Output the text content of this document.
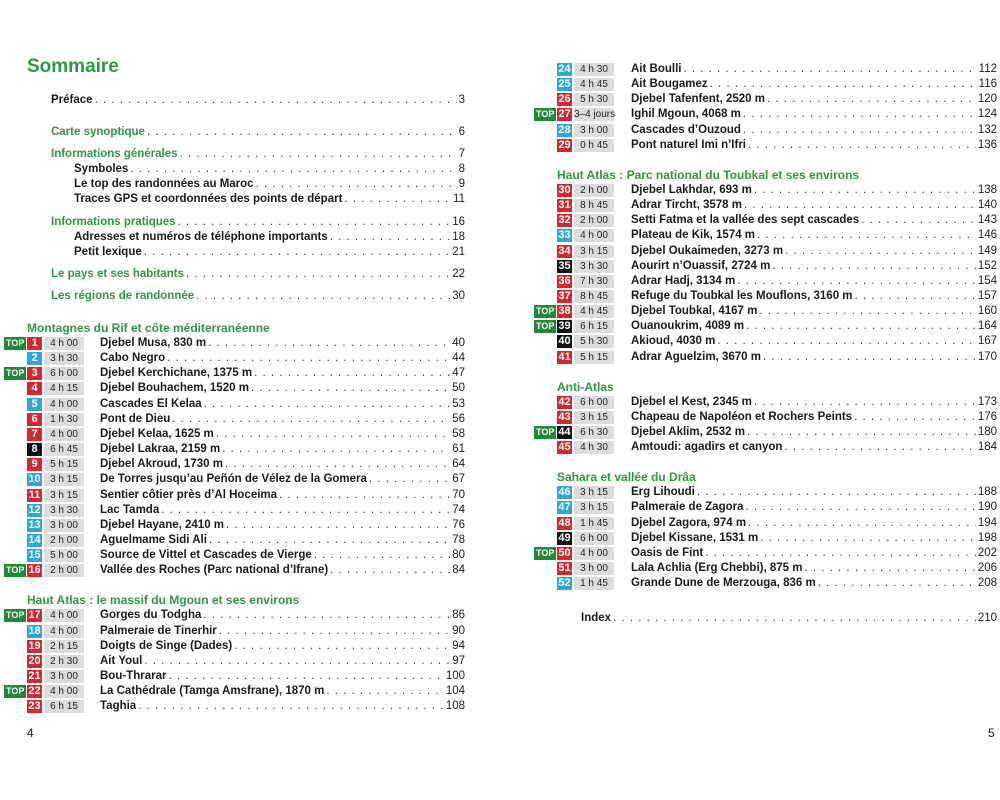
Sommaire
Préface . . .	3
Carte synoptique . . .	6
Informations générales . . .	7
Symboles . . .	8
Le top des randonnées au Maroc . . .	9
Traces GPS et coordonnées des points de départ . . .	11
Informations pratiques . . .	16
Adresses et numéros de téléphone importants . . .	18
Petit lexique . . .	21
Le pays et ses habitants . . .	22
Les régions de randonnée . . .	30
Montagnes du Rif et côte méditerranéenne
TOP 1	4 h 00	Djebel Musa, 830 m . . .	40
2	3 h 30	Cabo Negro . . .	44
TOP 3	6 h 00	Djebel Kerchichane, 1375 m . . .	47
4	4 h 15	Djebel Bouhachem, 1520 m . . .	50
5	4 h 00	Cascades El Kelaa . . .	53
6	1 h 30	Pont de Dieu . . .	56
7	4 h 00	Djebel Kelaa, 1625 m . . .	58
8	6 h 45	Djebel Lakraa, 2159 m . . .	61
9	5 h 15	Djebel Akroud, 1730 m . . .	64
10 3 h 15	De Torres jusqu’au Peñón de Vélez de la Gomera . . .	67
11 3 h 15	Sentier côtier près d’Al Hoceima . . .	70
12 3 h 30	Lac Tamda . . .	74
13 3 h 00	Djebel Hayane, 2410 m . . .	76
14 2 h 00	Aguelmame Sidi Ali . . .	78
15 5 h 00	Source de Vittel et Cascades de Vierge . . .	80
TOP 16 2 h 00	Vallée des Roches (Parc national d’Ifrane) . . .	84
Haut Atlas : le massif du Mgoun et ses environs
TOP 17 4 h 00	Gorges du Todgha . . .	86
18 4 h 00	Palmeraie de Tinerhir . . .	90
19 2 h 15	Doigts de Singe (Dades) . . .	94
20 2 h 30	Ait Youl . . .	97
21 3 h 00	Bou-Thrarar . . .	100
TOP 22 4 h 00	La Cathédrale (Tamga Amsfrane), 1870 m . . .	104
23 6 h 15	Taghia . . .	108
4
24 4 h 30	Ait Boulli . . .	112
25 4 h 45	Ait Bougamez . . .	116
26 5 h 30	Djebel Tafenfent, 2520 m . . .	120
TOP 27 3–4 jours Ighil Mgoun, 4068 m . . .	124
28 3 h 00	Cascades d’Ouzoud . . .	132
29 0 h 45	Pont naturel Imi n’Ifri . . .	136
Haut Atlas : Parc national du Toubkal et ses environs
30 2 h 00	Djebel Lakhdar, 693 m . . .	138
31 8 h 45	Adrar Tircht, 3578 m . . .	140
32 2 h 00	Setti Fatma et la vallée des sept cascades . . .	143
33 4 h 00	Plateau de Kik, 1574 m . . .	146
34 3 h 15	Djebel Oukaimeden, 3273 m . . .	149
35 3 h 30	Aourirt n’Ouassif, 2724 m . . .	152
36 7 h 30	Adrar Hadj, 3134 m . . .	154
37 8 h 45	Refuge du Toubkal les Mouflons, 3160 m . . .	157
TOP 38 4 h 45	Djebel Toubkal, 4167 m . . .	160
TOP 39 6 h 15	Ouanoukrim, 4089 m . . .	164
40 5 h 30	Akioud, 4030 m . . .	167
41 5 h 15	Adrar Aguelzim, 3670 m . . .	170
Anti-Atlas
42 6 h 00	Djebel el Kest, 2345 m . . .	173
43 3 h 15	Chapeau de Napoléon et Rochers Peints . . .	176
TOP 44 6 h 30	Djebel Aklim, 2532 m . . .	180
45 4 h 30	Amtoudi: agadirs et canyon . . .	184
Sahara et vallée du Drâa
46 3 h 15	Erg Lihoudi . . .	188
47 3 h 15	Palmeraie de Zagora . . .	190
48 1 h 45	Djebel Zagora, 974 m . . .	194
49 6 h 00	Djebel Kissane, 1531 m . . .	198
TOP 50 4 h 00	Oasis de Fint . . .	202
51 3 h 00	Lala Achlia (Erg Chebbi), 875 m . . .	206
52 1 h 45	Grande Dune de Merzouga, 836 m . . .	208
Index . . .	210
5
